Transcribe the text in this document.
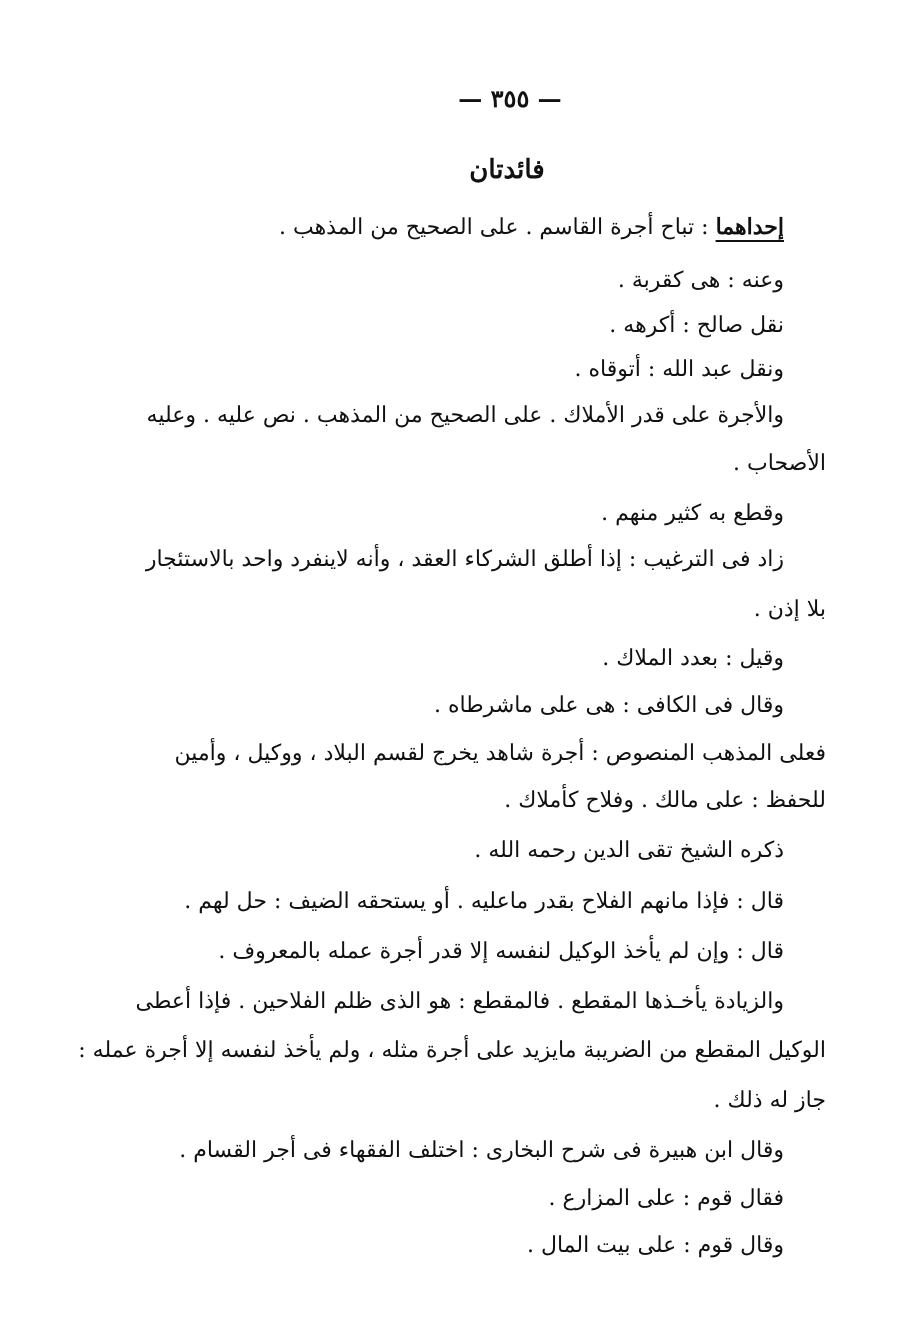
— ٣٥٥ —
فائدتان
إحداهما : تباح أجرة القاسم . على الصحيح من المذهب .
وعنه : هى كقربة .
نقل صالح : أكرهه .
ونقل عبد الله : أتوقاه .
والأجرة على قدر الأملاك . على الصحيح من المذهب . نص عليه . وعليه
الأصحاب .
وقطع به كثير منهم .
زاد فى الترغيب : إذا أطلق الشركاء العقد ، وأنه لاينفرد واحد بالاستئجار
بلا إذن .
وقيل : بعدد الملاك .
وقال فى الكافى : هى على ماشرطاه .
فعلى المذهب المنصوص : أجرة شاهد يخرج لقسم البلاد ، ووكيل ، وأمين
للحفظ : على مالك . وفلاح كأملاك .
ذكره الشيخ تقى الدين رحمه الله .
قال : فإذا مانهم الفلاح بقدر ماعليه . أو يستحقه الضيف : حل لهم .
قال : وإن لم يأخذ الوكيل لنفسه إلا قدر أجرة عمله بالمعروف .
والزيادة يأخـذها المقطع . فالمقطع : هو الذى ظلم الفلاحين . فإذا أعطى
الوكيل المقطع من الضريبة مايزيد على أجرة مثله ، ولم يأخذ لنفسه إلا أجرة عمله :
جاز له ذلك .
وقال ابن هبيرة فى شرح البخارى : اختلف الفقهاء فى أجر القسام .
فقال قوم : على المزارع .
وقال قوم : على بيت المال .
